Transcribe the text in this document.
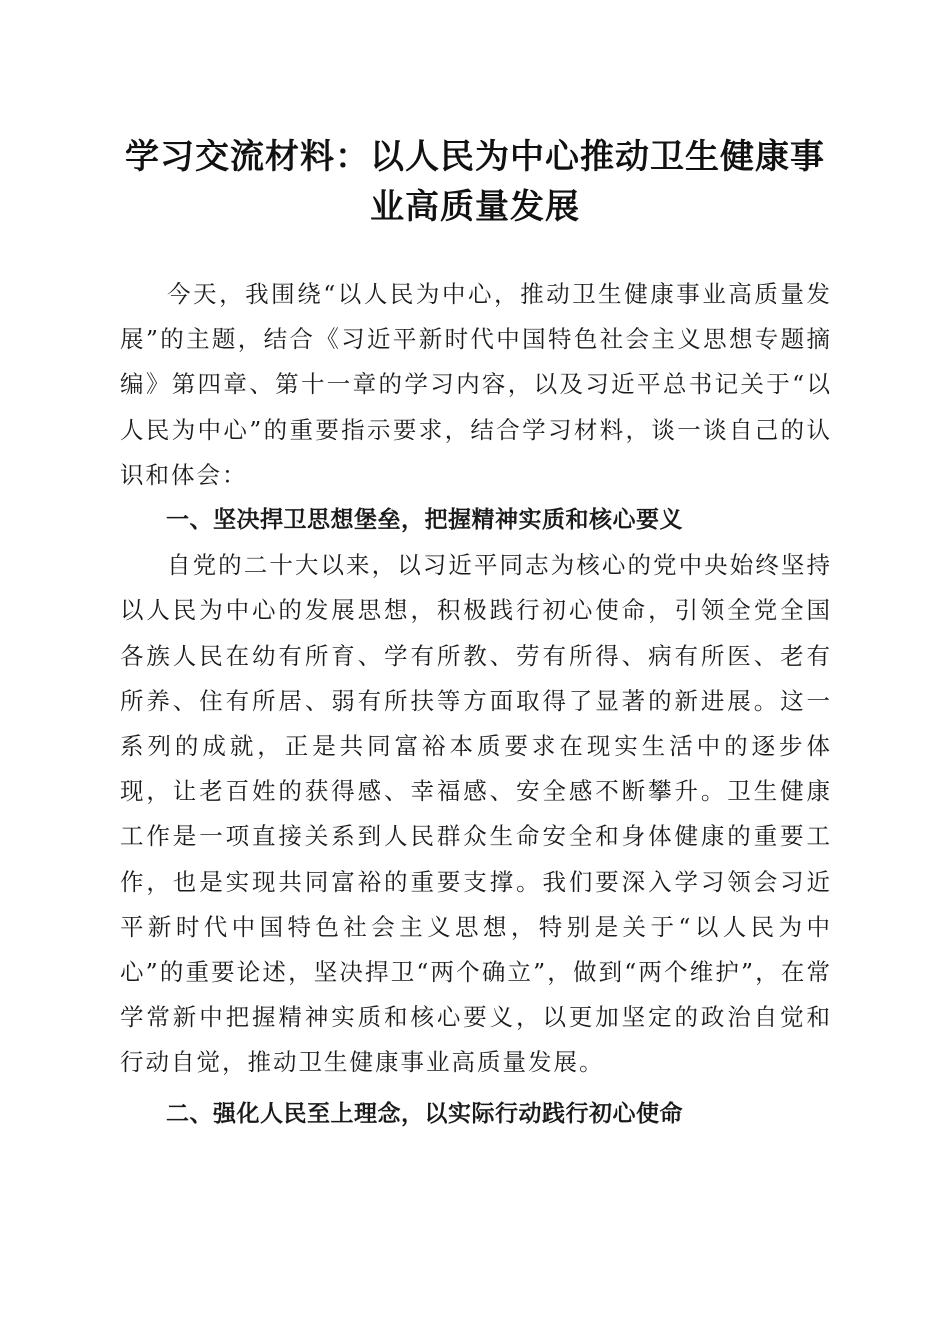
学习交流材料：以人民为中心推动卫生健康事业高质量发展

今天，我围绕“以人民为中心，推动卫生健康事业高质量发展”的主题，结合《习近平新时代中国特色社会主义思想专题摘编》第四章、第十一章的学习内容，以及习近平总书记关于“以人民为中心”的重要指示要求，结合学习材料，谈一谈自己的认识和体会：

一、坚决捍卫思想堡垒，把握精神实质和核心要义

自党的二十大以来，以习近平同志为核心的党中央始终坚持以人民为中心的发展思想，积极践行初心使命，引领全党全国各族人民在幼有所育、学有所教、劳有所得、病有所医、老有所养、住有所居、弱有所扶等方面取得了显著的新进展。这一系列的成就，正是共同富裕本质要求在现实生活中的逐步体现，让老百姓的获得感、幸福感、安全感不断攀升。卫生健康工作是一项直接关系到人民群众生命安全和身体健康的重要工作，也是实现共同富裕的重要支撑。我们要深入学习领会习近平新时代中国特色社会主义思想，特别是关于“以人民为中心”的重要论述，坚决捍卫“两个确立”，做到“两个维护”，在常学常新中把握精神实质和核心要义，以更加坚定的政治自觉和行动自觉，推动卫生健康事业高质量发展。

二、强化人民至上理念，以实际行动践行初心使命
